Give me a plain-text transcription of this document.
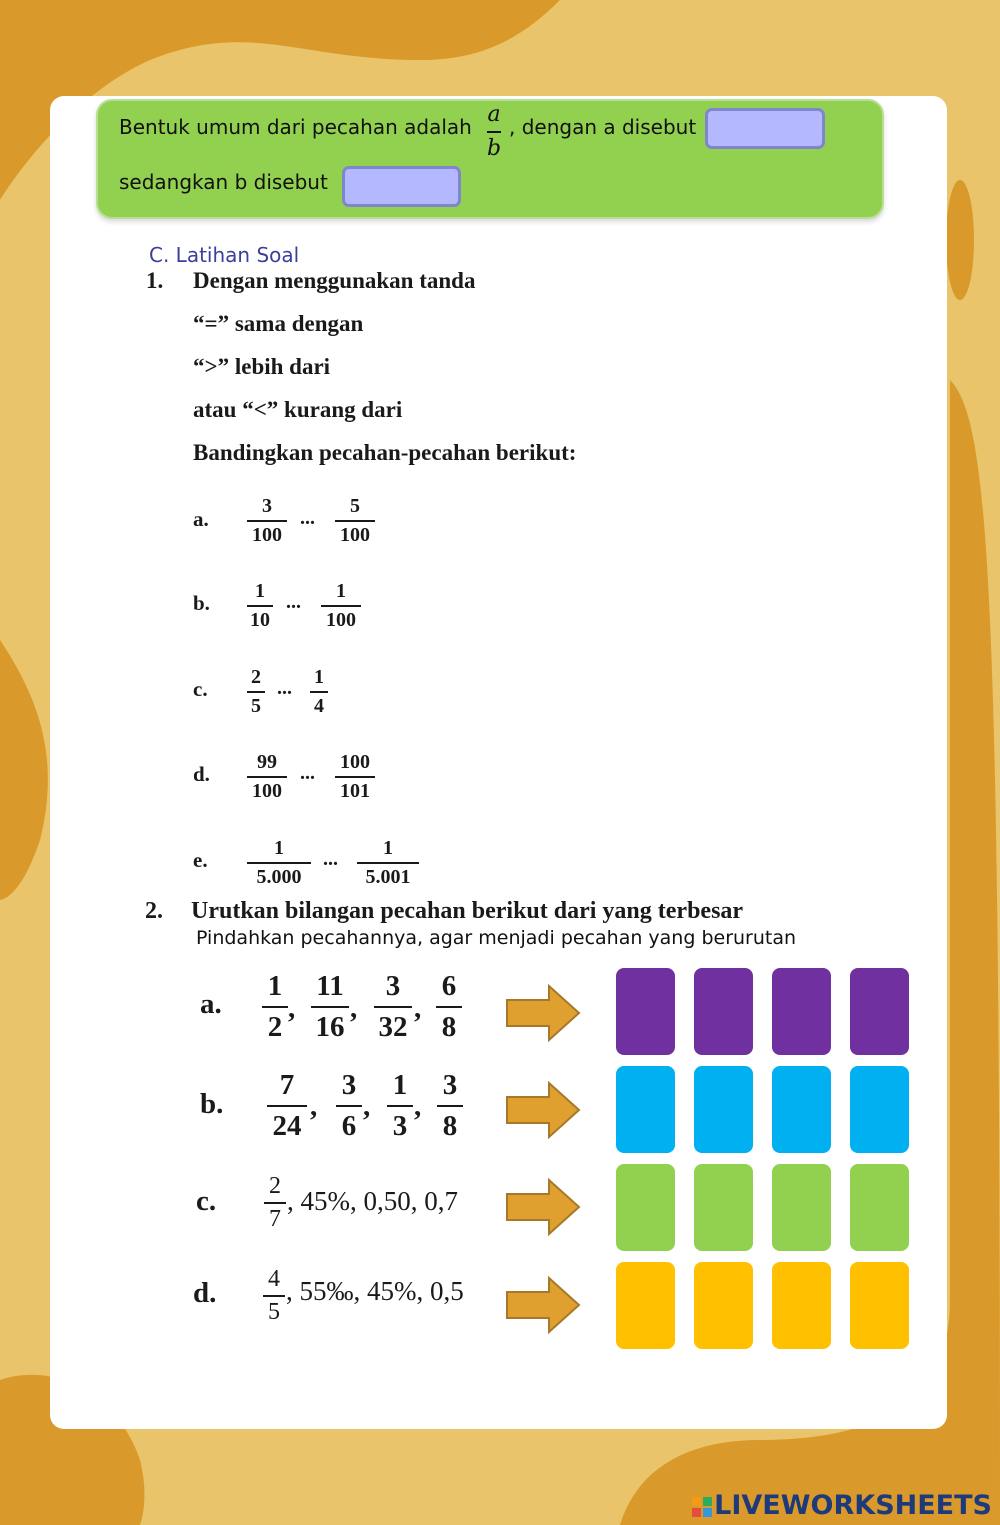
Bentuk umum dari pecahan adalah a
b
, dengan a disebut
sedangkan b disebut
C. Latihan Soal
1. Dengan menggunakan tanda
“=” sama dengan
“>” lebih dari
atau “<” kurang dari
Bandingkan pecahan-pecahan berikut:
a.
3
100
...
5
100
b.	1
10
...	1
100
c. 2
5
... 1
4
d.	99
100
... 100
101
e.	1
5.000
...	1
5.001
2. Urutkan bilangan pecahan berikut dari yang terbesar
Pindahkan pecahannya, agar menjadi pecahan yang berurutan
a.
1
2
,
11
16
,
3
32
,
6
8
b.
7
24
,
3
6
,
1
3
,
3
8
c. 2
7
, 45%, 0,50, 0,7
d. 4
5
, 55‰, 45%, 0,5
LIVEWORKSHEETS
